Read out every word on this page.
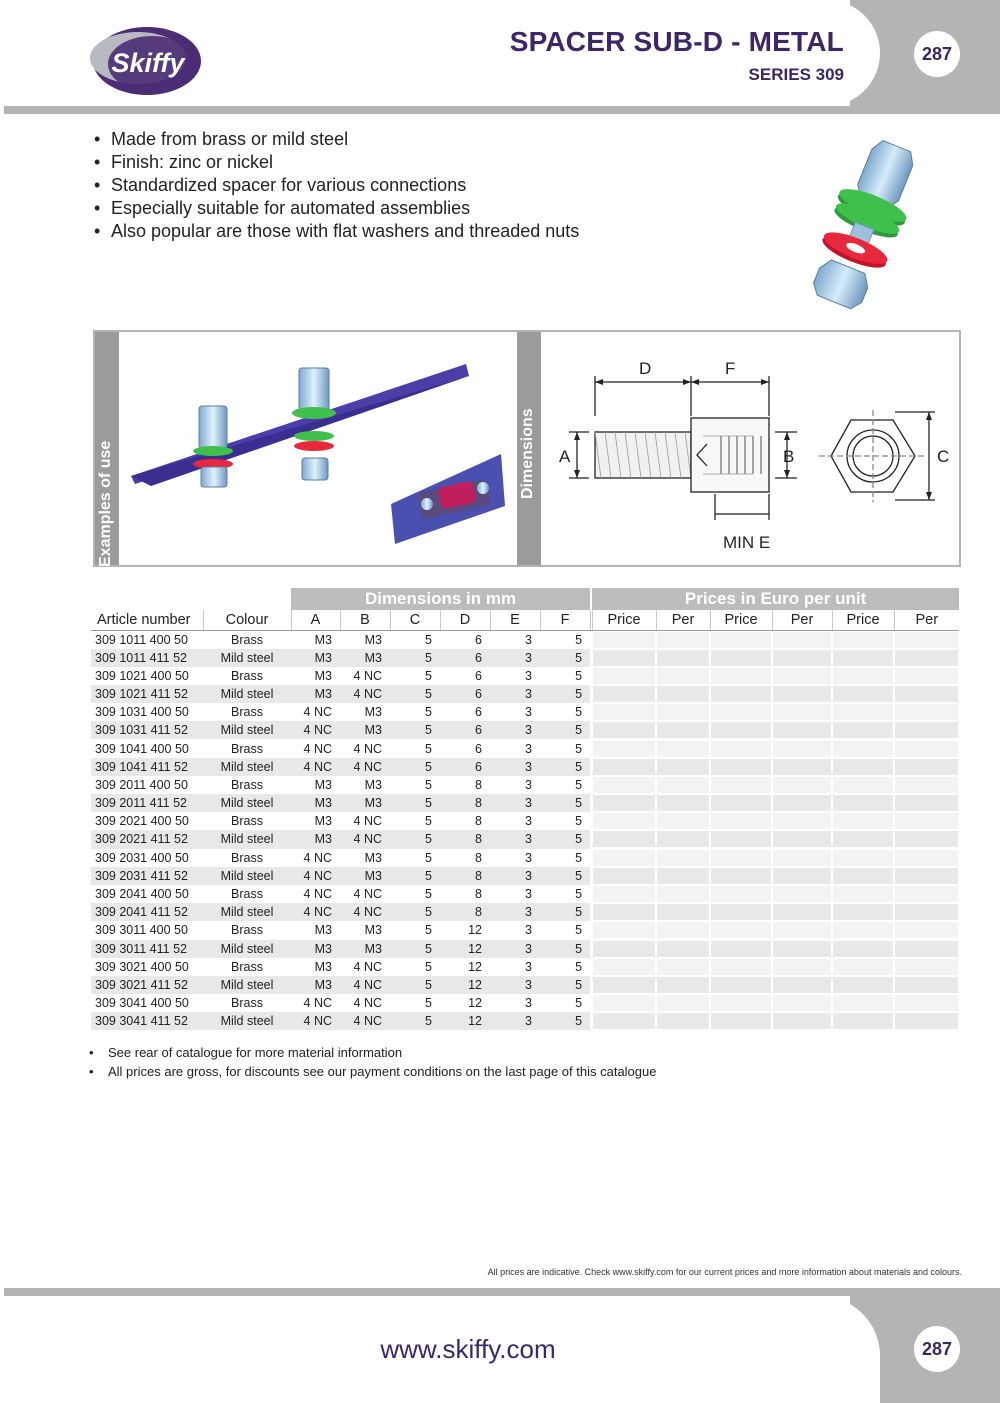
Skiffy
SPACER SUB-D - METAL
SERIES 309
287
• Made from brass or mild steel
• Finish: zinc or nickel
• Standardized spacer for various connections
• Especially suitable for automated assemblies
• Also popular are those with flat washers and threaded nuts
Examples of use	Dimensions
D	F
A	B	C
MIN E
		Dimensions in mm							Prices in Euro per unit					
Article number	Colour	A	B	C	D	E	F		Price	Per	Price	Per	Price	Per
309 1011 400 50	Brass	M3	M3	5	6	3	5		

309 1011 411 52	Mild steel	M3	M3	5	6	3	5		

309 1021 400 50	Brass	M3	4 NC	5	6	3	5		

309 1021 411 52	Mild steel	M3	4 NC	5	6	3	5		

309 1031 400 50	Brass	4 NC	M3	5	6	3	5		

309 1031 411 52	Mild steel	4 NC	M3	5	6	3	5		

309 1041 400 50	Brass	4 NC	4 NC	5	6	3	5		

309 1041 411 52	Mild steel	4 NC	4 NC	5	6	3	5		

309 2011 400 50	Brass	M3	M3	5	8	3	5		

309 2011 411 52	Mild steel	M3	M3	5	8	3	5		

309 2021 400 50	Brass	M3	4 NC	5	8	3	5		

309 2021 411 52	Mild steel	M3	4 NC	5	8	3	5		

309 2031 400 50	Brass	4 NC	M3	5	8	3	5		

309 2031 411 52	Mild steel	4 NC	M3	5	8	3	5		

309 2041 400 50	Brass	4 NC	4 NC	5	8	3	5		

309 2041 411 52	Mild steel	4 NC	4 NC	5	8	3	5		

309 3011 400 50	Brass	M3	M3	5	12	3	5		

309 3011 411 52	Mild steel	M3	M3	5	12	3	5		

309 3021 400 50	Brass	M3	4 NC	5	12	3	5		

309 3021 411 52	Mild steel	M3	4 NC	5	12	3	5		

309 3041 400 50	Brass	4 NC	4 NC	5	12	3	5		

309 3041 411 52	Mild steel	4 NC	4 NC	5	12	3	5		

• See rear of catalogue for more material information
• All prices are gross, for discounts see our payment conditions on the last page of this catalogue
All prices are indicative. Check www.skiffy.com for our current prices and more information about materials and colours.
www.skiffy.com	287
